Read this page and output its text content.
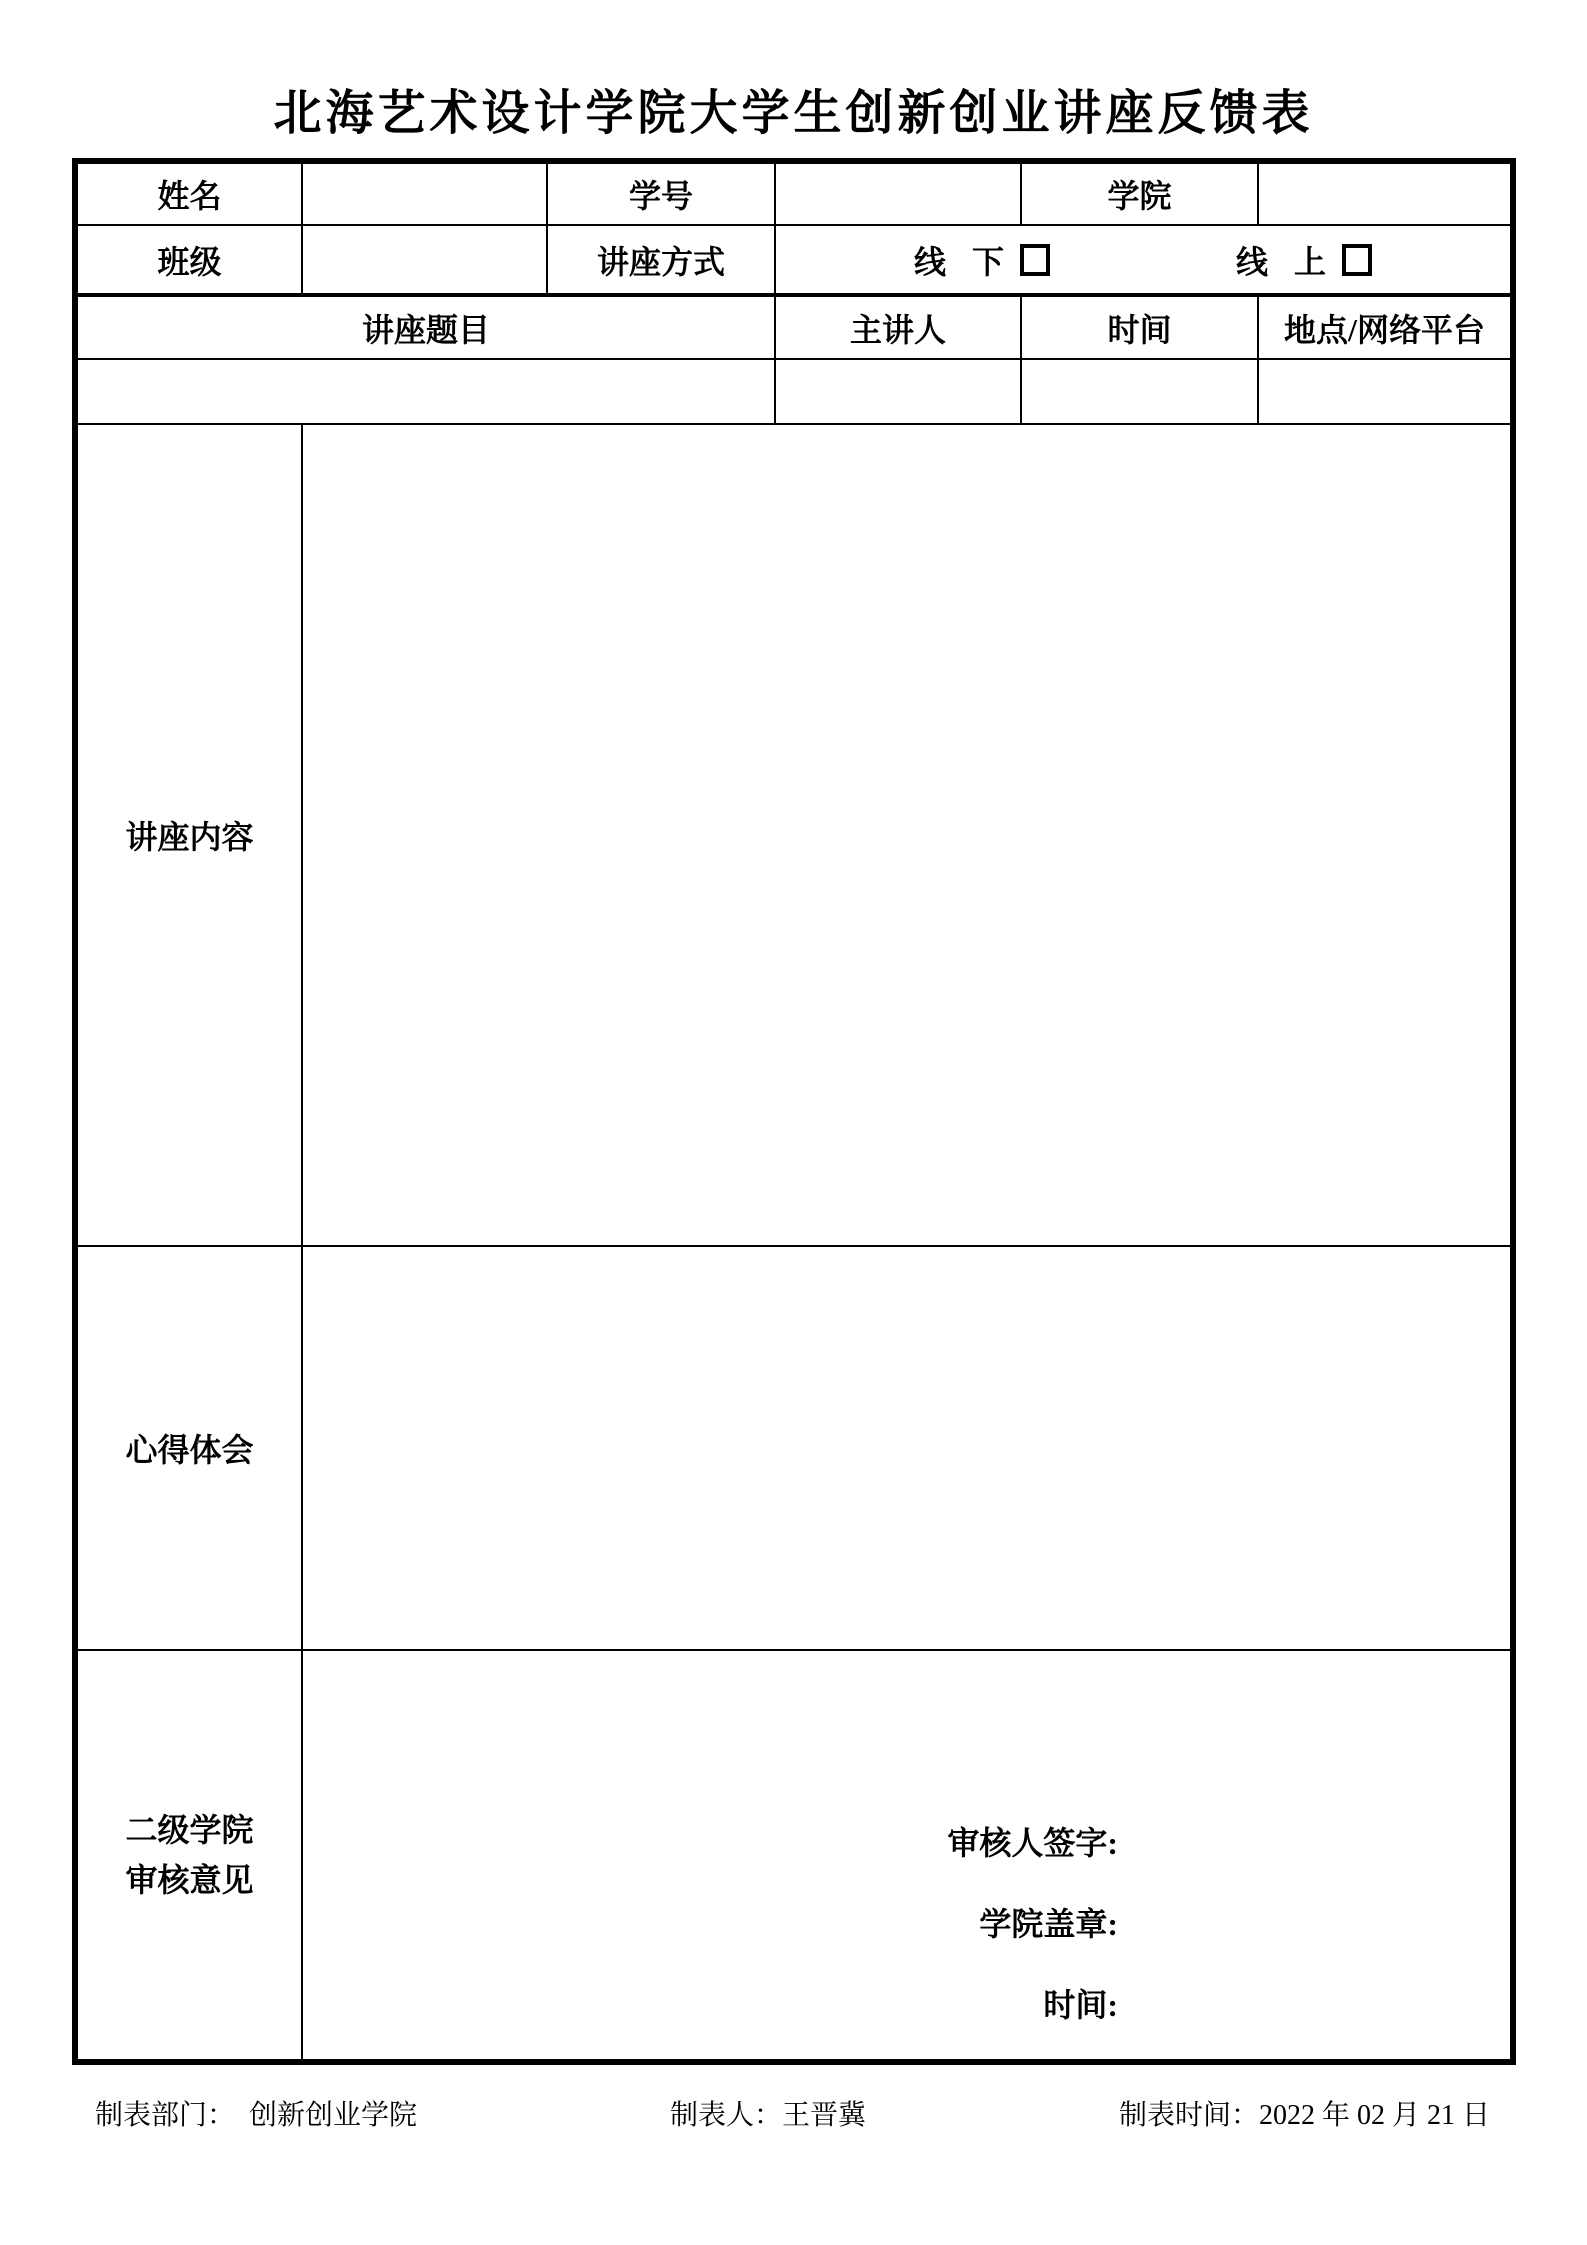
北海艺术设计学院大学生创新创业讲座反馈表
姓名		学号		学院	
班级		讲座方式	线 下 线 上		

讲座题目			主讲人	时间	地点/网络平台

讲座内容					
心得体会					

二级学院
审核意见

审核人签字:
学院盖章:
时间:
制表部门：  创新创业学院	制表人：王晋冀	制表时间：2022 年 02 月 21 日
